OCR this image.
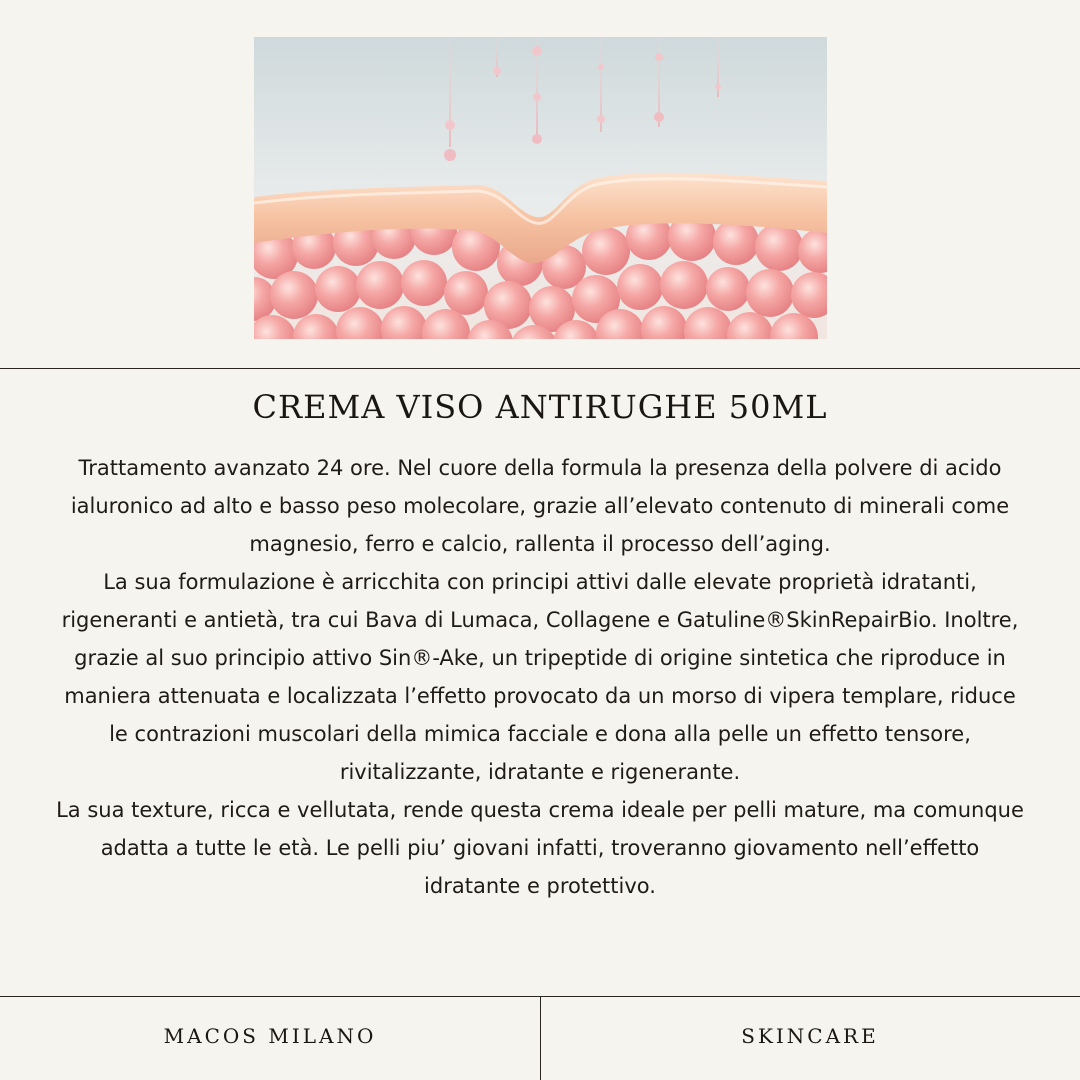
CREMA VISO ANTIRUGHE 50ML

Trattamento avanzato 24 ore. Nel cuore della formula la presenza della polvere di acido ialuronico ad alto e basso peso molecolare, grazie all’elevato contenuto di minerali come magnesio, ferro e calcio, rallenta il processo dell’aging.

La sua formulazione è arricchita con principi attivi dalle elevate proprietà idratanti, rigeneranti e antietà, tra cui Bava di Lumaca, Collagene e Gatuline®SkinRepairBio. Inoltre, grazie al suo principio attivo Sin®-Ake, un tripeptide di origine sintetica che riproduce in maniera attenuata e localizzata l’effetto provocato da un morso di vipera templare, riduce le contrazioni muscolari della mimica facciale e dona alla pelle un effetto tensore, rivitalizzante, idratante e rigenerante.

La sua texture, ricca e vellutata, rende questa crema ideale per pelli mature, ma comunque adatta a tutte le età. Le pelli piu’ giovani infatti, troveranno giovamento nell’effetto idratante e protettivo.

MACOS MILANO	SKINCARE
